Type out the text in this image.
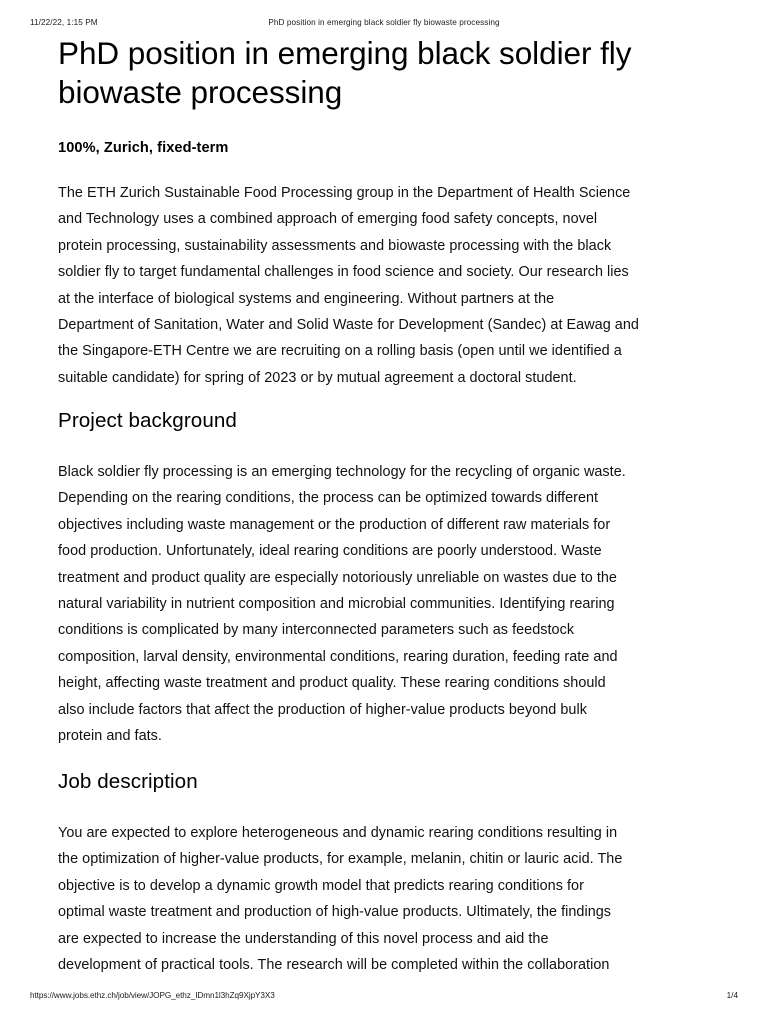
11/22/22, 1:15 PM	PhD position in emerging black soldier fly biowaste processing
PhD position in emerging black soldier fly biowaste processing

100%, Zurich, fixed-term

The ETH Zurich Sustainable Food Processing group in the Department of Health Science
and Technology uses a combined approach of emerging food safety concepts, novel
protein processing, sustainability assessments and biowaste processing with the black
soldier fly to target fundamental challenges in food science and society. Our research lies
at the interface of biological systems and engineering. Without partners at the
Department of Sanitation, Water and Solid Waste for Development (Sandec) at Eawag and
the Singapore-ETH Centre we are recruiting on a rolling basis (open until we identified a
suitable candidate) for spring of 2023 or by mutual agreement a doctoral student.
Project background
Black soldier fly processing is an emerging technology for the recycling of organic waste.
Depending on the rearing conditions, the process can be optimized towards different
objectives including waste management or the production of different raw materials for
food production. Unfortunately, ideal rearing conditions are poorly understood. Waste
treatment and product quality are especially notoriously unreliable on wastes due to the
natural variability in nutrient composition and microbial communities. Identifying rearing
conditions is complicated by many interconnected parameters such as feedstock
composition, larval density, environmental conditions, rearing duration, feeding rate and
height, affecting waste treatment and product quality. These rearing conditions should
also include factors that affect the production of higher-value products beyond bulk
protein and fats.
Job description
You are expected to explore heterogeneous and dynamic rearing conditions resulting in
the optimization of higher-value products, for example, melanin, chitin or lauric acid. The
objective is to develop a dynamic growth model that predicts rearing conditions for
optimal waste treatment and production of high-value products. Ultimately, the findings
are expected to increase the understanding of this novel process and aid the
development of practical tools. The research will be completed within the collaboration
https://www.jobs.ethz.ch/job/view/JOPG_ethz_IDmn1l3hZq9XjpY3X3	1/4
